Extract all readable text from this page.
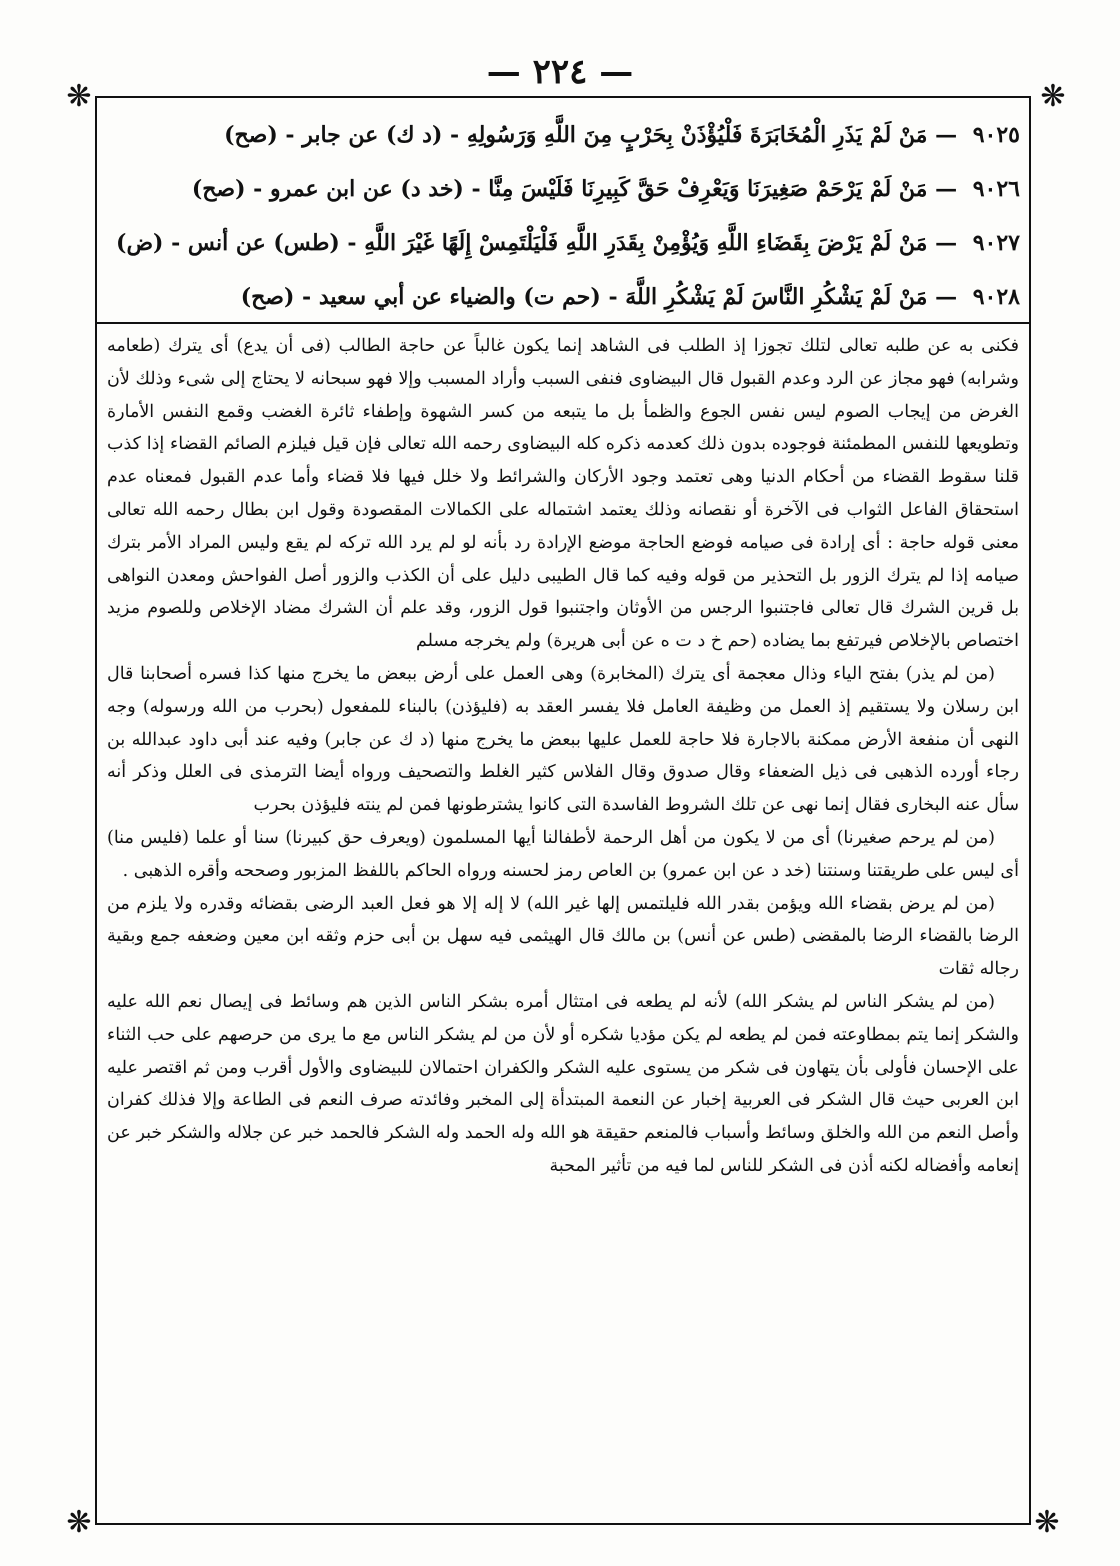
— ٢٢٤ —
❋	❋
❋	❋
٩٠٢٥ — مَنْ لَمْ يَذَرِ الْمُخَابَرَةَ فَلْيُؤْذَنْ بِحَرْبٍ مِنَ اللَّهِ وَرَسُولِهِ - (د ك) عن جابر - (صح)
٩٠٢٦ — مَنْ لَمْ يَرْحَمْ صَغِيرَنَا وَيَعْرِفْ حَقَّ كَبِيرِنَا فَلَيْسَ مِنَّا - (خد د) عن ابن عمرو - (صح)
٩٠٢٧ — مَنْ لَمْ يَرْضَ بِقَضَاءِ اللَّهِ وَيُؤْمِنْ بِقَدَرِ اللَّهِ فَلْيَلْتَمِسْ إِلَهًا غَيْرَ اللَّهِ - (طس) عن أنس - (ض)
٩٠٢٨ — مَنْ لَمْ يَشْكُرِ النَّاسَ لَمْ يَشْكُرِ اللَّهَ - (حم ت) والضياء عن أبي سعيد - (صح)

فكنى به عن طلبه تعالى لتلك تجوزا إذ الطلب فى الشاهد إنما يكون غالباً عن حاجة الطالب (فى أن يدع) أى يترك (طعامه وشرابه) فهو مجاز عن الرد وعدم القبول قال البيضاوى فنفى السبب وأراد المسبب وإلا فهو سبحانه لا يحتاج إلى شىء وذلك لأن الغرض من إيجاب الصوم ليس نفس الجوع والظمأ بل ما يتبعه من كسر الشهوة وإطفاء ثائرة الغضب وقمع النفس الأمارة وتطويعها للنفس المطمئنة فوجوده بدون ذلك كعدمه ذكره كله البيضاوى رحمه الله تعالى فإن قيل فيلزم الصائم القضاء إذا كذب قلنا سقوط القضاء من أحكام الدنيا وهى تعتمد وجود الأركان والشرائط ولا خلل فيها فلا قضاء وأما عدم القبول فمعناه عدم استحقاق الفاعل الثواب فى الآخرة أو نقصانه وذلك يعتمد اشتماله على الكمالات المقصودة وقول ابن بطال رحمه الله تعالى معنى قوله حاجة : أى إرادة فى صيامه فوضع الحاجة موضع الإرادة رد بأنه لو لم يرد الله تركه لم يقع وليس المراد الأمر بترك صيامه إذا لم يترك الزور بل التحذير من قوله وفيه كما قال الطيبى دليل على أن الكذب والزور أصل الفواحش ومعدن النواهى بل قرين الشرك قال تعالى فاجتنبوا الرجس من الأوثان واجتنبوا قول الزور، وقد علم أن الشرك مضاد الإخلاص وللصوم مزيد اختصاص بالإخلاص فيرتفع بما يضاده (حم خ د ت ه عن أبى هريرة) ولم يخرجه مسلم

(من لم يذر) بفتح الياء وذال معجمة أى يترك (المخابرة) وهى العمل على أرض ببعض ما يخرج منها كذا فسره أصحابنا قال ابن رسلان ولا يستقيم إذ العمل من وظيفة العامل فلا يفسر العقد به (فليؤذن) بالبناء للمفعول (بحرب من الله ورسوله) وجه النهى أن منفعة الأرض ممكنة بالاجارة فلا حاجة للعمل عليها ببعض ما يخرج منها (د ك عن جابر) وفيه عند أبى داود عبدالله بن رجاء أورده الذهبى فى ذيل الضعفاء وقال صدوق وقال الفلاس كثير الغلط والتصحيف ورواه أيضا الترمذى فى العلل وذكر أنه سأل عنه البخارى فقال إنما نهى عن تلك الشروط الفاسدة التى كانوا يشترطونها فمن لم ينته فليؤذن بحرب

(من لم يرحم صغيرنا) أى من لا يكون من أهل الرحمة لأطفالنا أيها المسلمون (ويعرف حق كبيرنا) سنا أو علما (فليس منا) أى ليس على طريقتنا وسنتنا (خد د عن ابن عمرو) بن العاص رمز لحسنه ورواه الحاكم باللفظ المزبور وصححه وأقره الذهبى .

(من لم يرض بقضاء الله ويؤمن بقدر الله فليلتمس إلها غير الله) لا إله إلا هو فعل العبد الرضى بقضائه وقدره ولا يلزم من الرضا بالقضاء الرضا بالمقضى (طس عن أنس) بن مالك قال الهيثمى فيه سهل بن أبى حزم وثقه ابن معين وضعفه جمع وبقية رجاله ثقات

(من لم يشكر الناس لم يشكر الله) لأنه لم يطعه فى امتثال أمره بشكر الناس الذين هم وسائط فى إيصال نعم الله عليه والشكر إنما يتم بمطاوعته فمن لم يطعه لم يكن مؤديا شكره أو لأن من لم يشكر الناس مع ما يرى من حرصهم على حب الثناء على الإحسان فأولى بأن يتهاون فى شكر من يستوى عليه الشكر والكفران احتمالان للبيضاوى والأول أقرب ومن ثم اقتصر عليه ابن العربى حيث قال الشكر فى العربية إخبار عن النعمة المبتدأة إلى المخبر وفائدته صرف النعم فى الطاعة وإلا فذلك كفران وأصل النعم من الله والخلق وسائط وأسباب فالمنعم حقيقة هو الله وله الحمد وله الشكر فالحمد خبر عن جلاله والشكر خبر عن إنعامه وأفضاله لكنه أذن فى الشكر للناس لما فيه من تأثير المحبة
